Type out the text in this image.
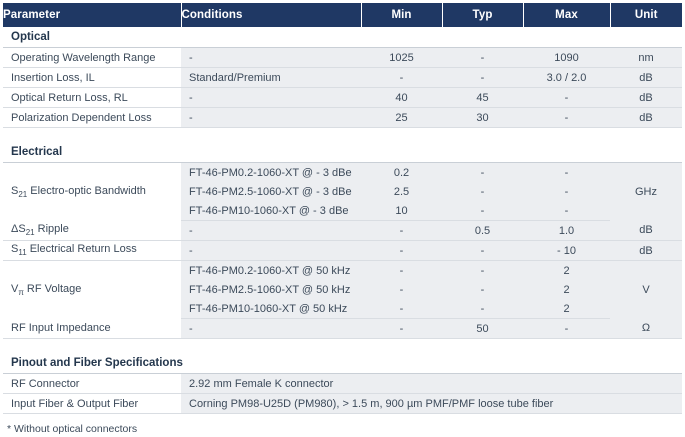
Parameter	Conditions	Min	Typ	Max	Unit
Optical					
Operating Wavelength Range	-	1025	-	1090	nm
Insertion Loss, IL	Standard/Premium	-	-	3.0 / 2.0	dB
Optical Return Loss, RL	-	40	45	-	dB
Polarization Dependent Loss	-	25	30	-	dB

Electrical					
$S_{21}$ Electro-optic Bandwidth	FT-46-PM0.2-1060-XT @ - 3 dBe	0.2	-	-	GHz
	FT-46-PM2.5-1060-XT @ - 3 dBe	2.5	-	-	
	FT-46-PM10-1060-XT @ - 3 dBe	10	-	-	
$\Delta S_{21}$ Ripple	-	-	0.5	1.0	dB
$S_{11}$ Electrical Return Loss	-	-	-	- 10	dB
$V_\pi$ RF Voltage	FT-46-PM0.2-1060-XT @ 50 kHz	-	-	2	V
	FT-46-PM2.5-1060-XT @ 50 kHz	-	-	2	
	FT-46-PM10-1060-XT @ 50 kHz	-	-	2	
RF Input Impedance	-	-	50	-	Ω

Pinout and Fiber Specifications					
RF Connector	2.92 mm Female K connector				
Input Fiber & Output Fiber	Corning PM98-U25D (PM980), > 1.5 m, 900 µm PMF/PMF loose tube fiber				
* Without optical connectors
